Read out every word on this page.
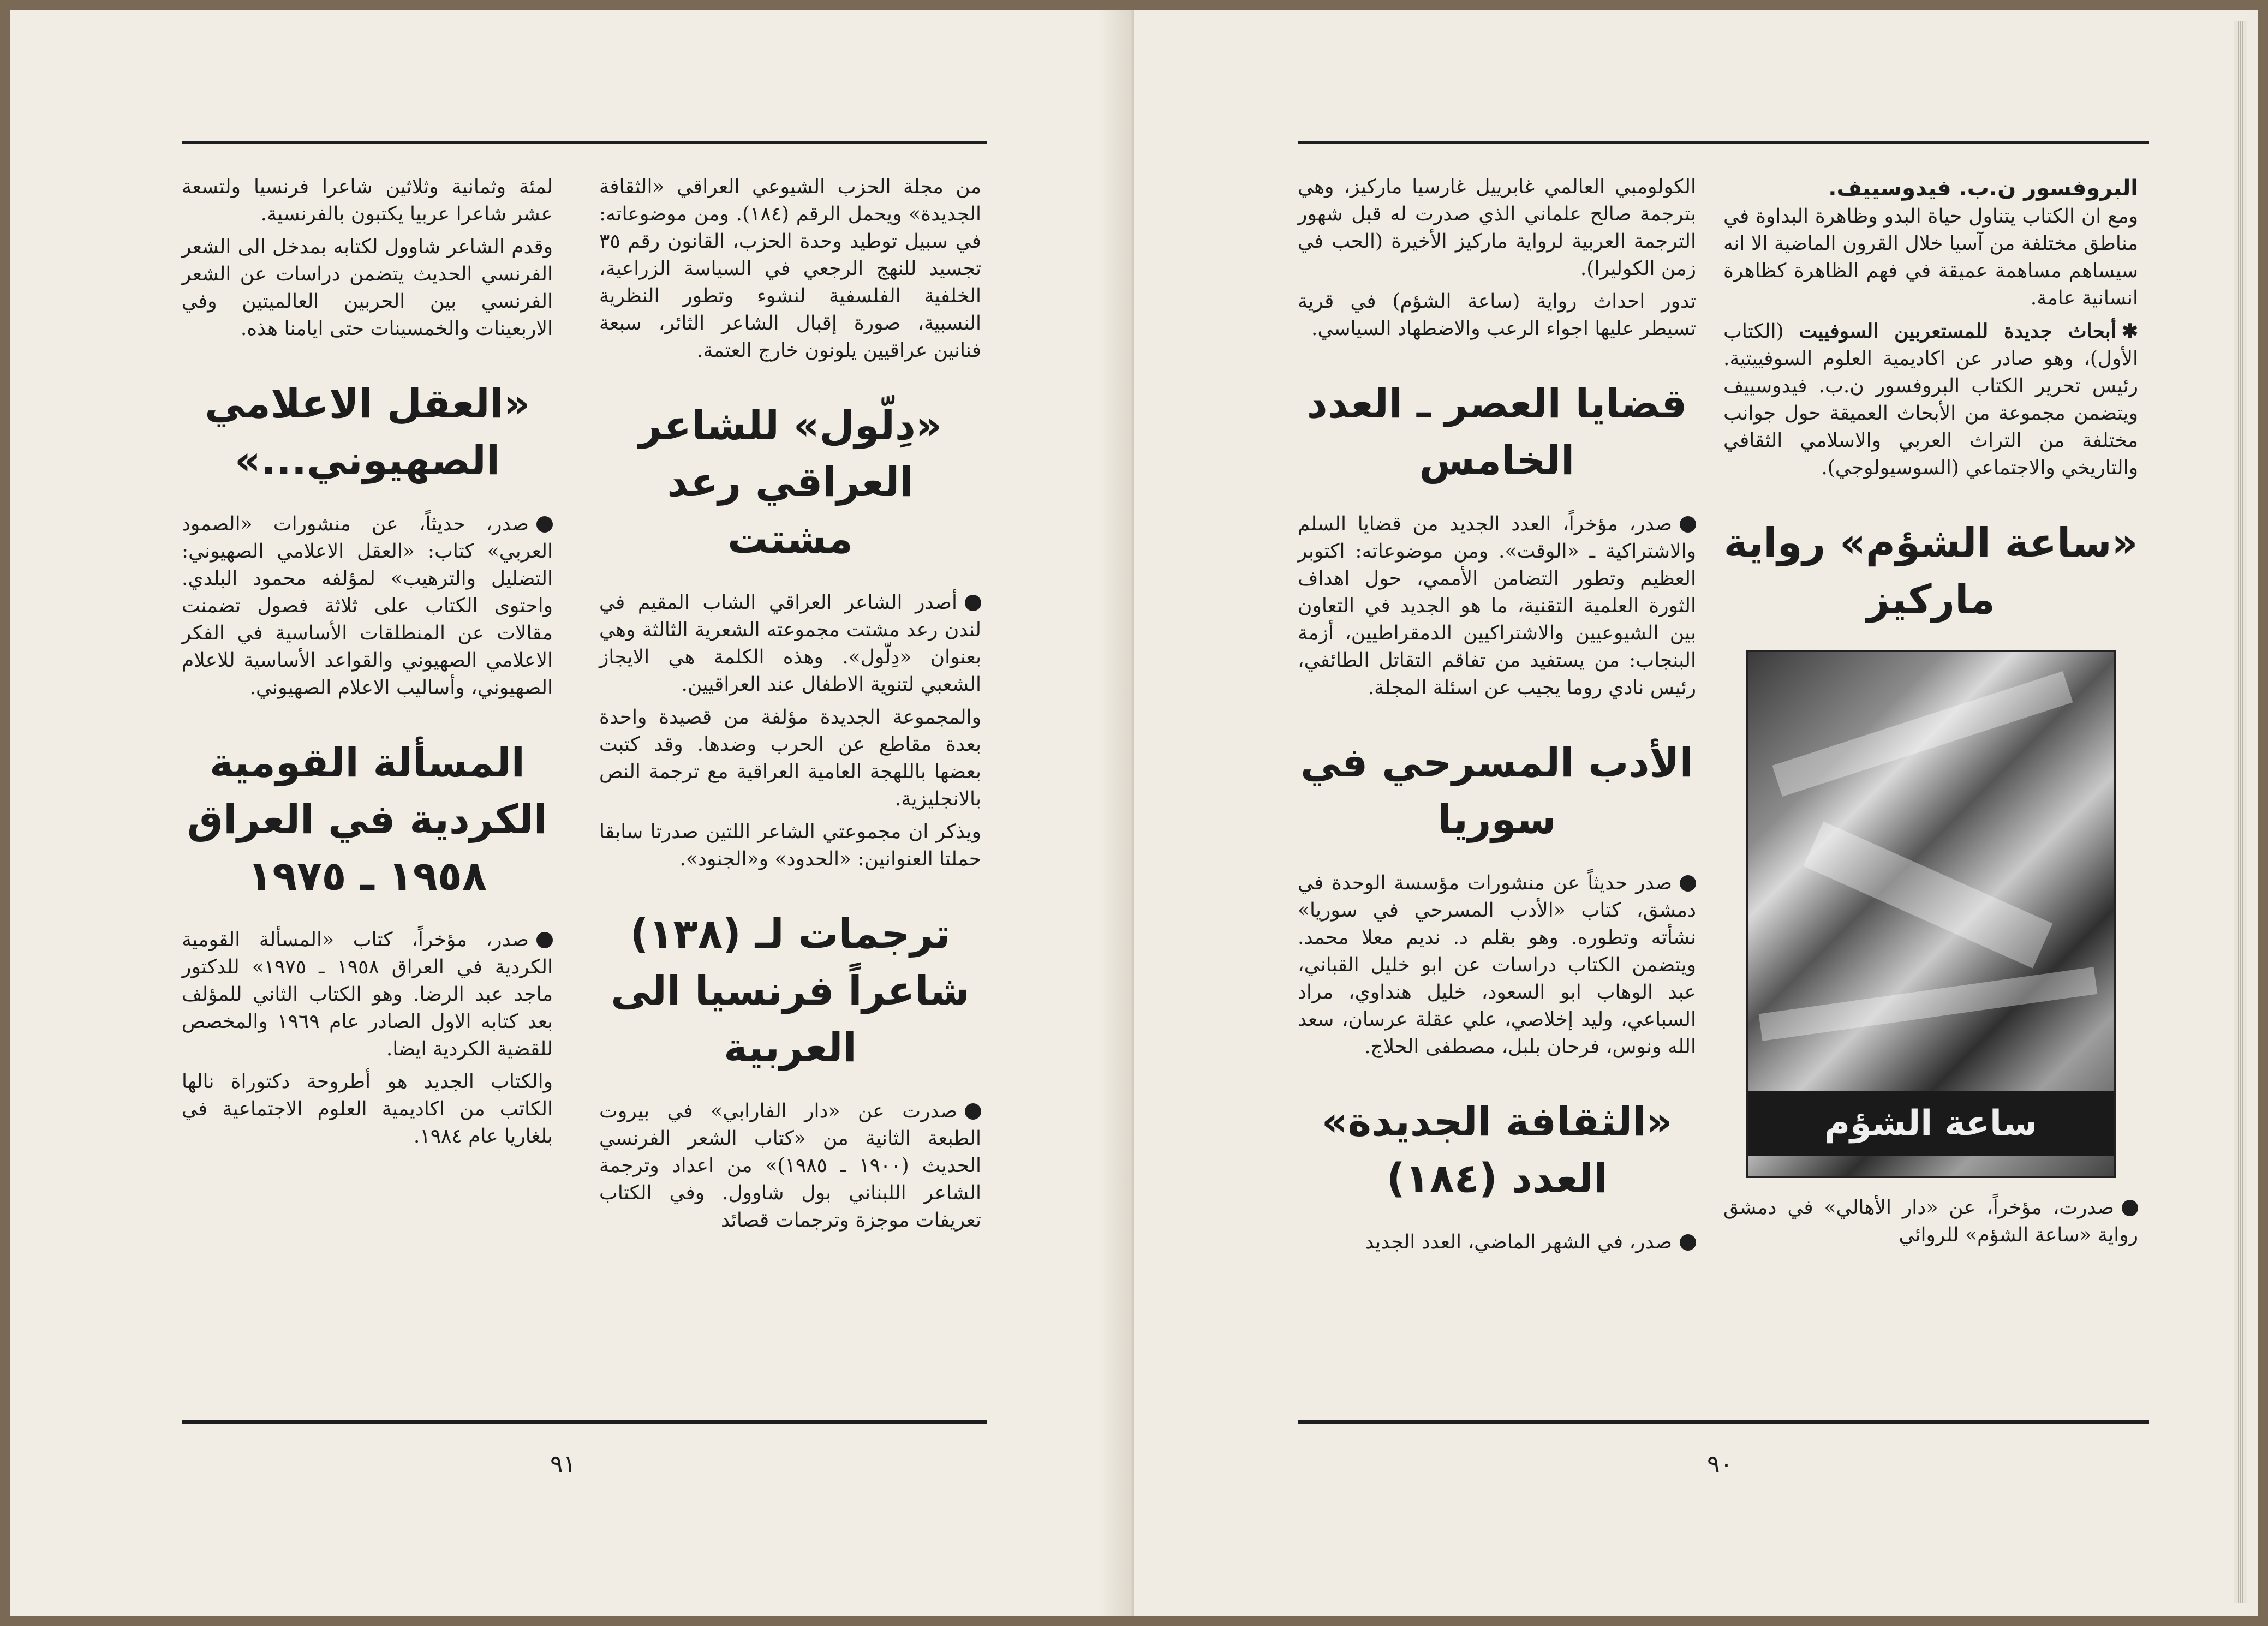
من مجلة الحزب الشيوعي العراقي «الثقافة الجديدة» ويحمل الرقم (١٨٤). ومن موضوعاته: في سبيل توطيد وحدة الحزب، القانون رقم ٣٥ تجسيد للنهج الرجعي في السياسة الزراعية، الخلفية الفلسفية لنشوء وتطور النظرية النسبية، صورة إقبال الشاعر الثائر، سبعة فنانين عراقيين يلونون خارج العتمة.

«دِلّول» للشاعر العراقي رعد مشتت

أصدر الشاعر العراقي الشاب المقيم في لندن رعد مشتت مجموعته الشعرية الثالثة وهي بعنوان «دِلّول». وهذه الكلمة هي الايجاز الشعبي لتنوية الاطفال عند العراقيين.

والمجموعة الجديدة مؤلفة من قصيدة واحدة بعدة مقاطع عن الحرب وضدها. وقد كتبت بعضها باللهجة العامية العراقية مع ترجمة النص بالانجليزية.

ويذكر ان مجموعتي الشاعر اللتين صدرتا سابقا حملتا العنوانين: «الحدود» و«الجنود».

ترجمات لـ (١٣٨) شاعراً فرنسيا الى العربية

صدرت عن «دار الفارابي» في بيروت الطبعة الثانية من «كتاب الشعر الفرنسي الحديث (١٩٠٠ ـ ١٩٨٥)» من اعداد وترجمة الشاعر اللبناني بول شاوول. وفي الكتاب تعريفات موجزة وترجمات قصائد

لمئة وثمانية وثلاثين شاعرا فرنسيا ولتسعة عشر شاعرا عربيا يكتبون بالفرنسية.

وقدم الشاعر شاوول لكتابه بمدخل الى الشعر الفرنسي الحديث يتضمن دراسات عن الشعر الفرنسي بين الحربين العالميتين وفي الاربعينات والخمسينات حتى ايامنا هذه.

«العقل الاعلامي الصهيوني...»

صدر، حديثاً، عن منشورات «الصمود العربي» كتاب: «العقل الاعلامي الصهيوني: التضليل والترهيب» لمؤلفه محمود البلدي. واحتوى الكتاب على ثلاثة فصول تضمنت مقالات عن المنطلقات الأساسية في الفكر الاعلامي الصهيوني والقواعد الأساسية للاعلام الصهيوني، وأساليب الاعلام الصهيوني.

المسألة القومية الكردية في العراق ١٩٥٨ ـ ١٩٧٥

صدر، مؤخراً، كتاب «المسألة القومية الكردية في العراق ١٩٥٨ ـ ١٩٧٥» للدكتور ماجد عبد الرضا. وهو الكتاب الثاني للمؤلف بعد كتابه الاول الصادر عام ١٩٦٩ والمخصص للقضية الكردية ايضا.

والكتاب الجديد هو أطروحة دكتوراة نالها الكاتب من اكاديمية العلوم الاجتماعية في بلغاريا عام ١٩٨٤.

٩١
البروفسور ن.ب. فيدوسييف.

ومع ان الكتاب يتناول حياة البدو وظاهرة البداوة في مناطق مختلفة من آسيا خلال القرون الماضية الا انه سيساهم مساهمة عميقة في فهم الظاهرة كظاهرة انسانية عامة.

✱أبحاث جديدة للمستعربين السوفييت (الكتاب الأول)، وهو صادر عن اكاديمية العلوم السوفييتية. رئيس تحرير الكتاب البروفسور ن.ب. فيدوسييف ويتضمن مجموعة من الأبحاث العميقة حول جوانب مختلفة من التراث العربي والاسلامي الثقافي والتاريخي والاجتماعي (السوسيولوجي).

«ساعة الشؤم» رواية ماركيز
ساعة الشؤم

صدرت، مؤخراً، عن «دار الأهالي» في دمشق رواية «ساعة الشؤم» للروائي

الكولومبي العالمي غابرييل غارسيا ماركيز، وهي بترجمة صالح علماني الذي صدرت له قبل شهور الترجمة العربية لرواية ماركيز الأخيرة (الحب في زمن الكوليرا).

تدور احداث رواية (ساعة الشؤم) في قرية تسيطر عليها اجواء الرعب والاضطهاد السياسي.

قضايا العصر ـ العدد الخامس

صدر، مؤخراً، العدد الجديد من قضايا السلم والاشتراكية ـ «الوقت». ومن موضوعاته: اكتوبر العظيم وتطور التضامن الأممي، حول اهداف الثورة العلمية التقنية، ما هو الجديد في التعاون بين الشيوعيين والاشتراكيين الدمقراطيين، أزمة البنجاب: من يستفيد من تفاقم التقاتل الطائفي، رئيس نادي روما يجيب عن اسئلة المجلة.

الأدب المسرحي في سوريا

صدر حديثاً عن منشورات مؤسسة الوحدة في دمشق، كتاب «الأدب المسرحي في سوريا» نشأته وتطوره. وهو بقلم د. نديم معلا محمد. ويتضمن الكتاب دراسات عن ابو خليل القباني، عبد الوهاب ابو السعود، خليل هنداوي، مراد السباعي، وليد إخلاصي، علي عقلة عرسان، سعد الله ونوس، فرحان بلبل، مصطفى الحلاج.

«الثقافة الجديدة» العدد (١٨٤)

صدر، في الشهر الماضي، العدد الجديد

٩٠
